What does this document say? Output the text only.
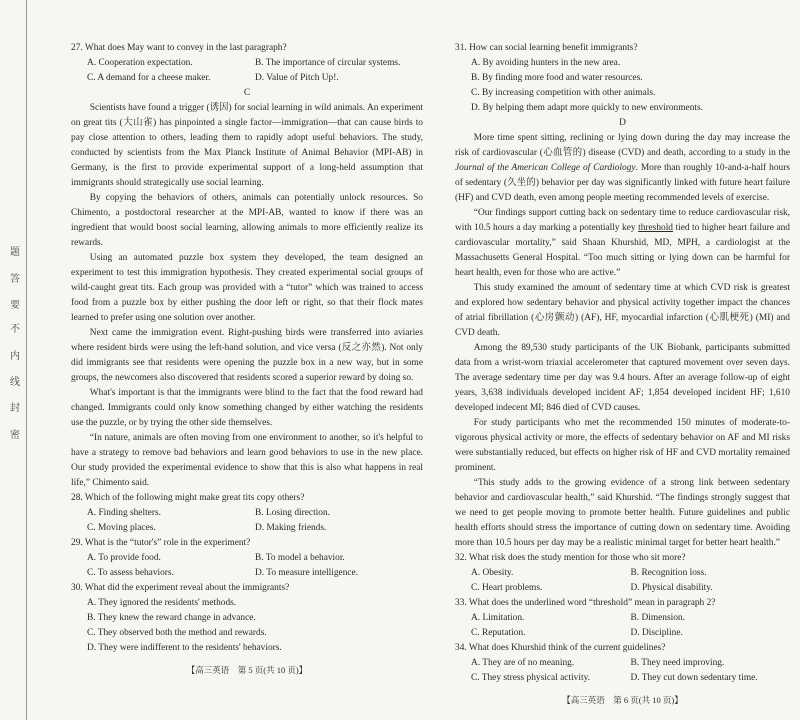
密
封
线
内
不
要
答
题
27. What does May want to convey in the last paragraph?
A. Cooperation expectation.	B. The importance of circular systems.
C. A demand for a cheese maker.	D. Value of Pitch Up!.
C

Scientists have found a trigger (诱因) for social learning in wild animals. An experiment on great tits (大山雀) has pinpointed a single factor—immigration—that can cause birds to pay close attention to others, leading them to rapidly adopt useful behaviors. The study, conducted by scientists from the Max Planck Institute of Animal Behavior (MPI-AB) in Germany, is the first to provide experimental support of a long-held assumption that immigrants should strategically use social learning.

By copying the behaviors of others, animals can potentially unlock resources. So Chimento, a postdoctoral researcher at the MPI-AB, wanted to know if there was an ingredient that would boost social learning, allowing animals to more efficiently realize its rewards.

Using an automated puzzle box system they developed, the team designed an experiment to test this immigration hypothesis. They created experimental social groups of wild-caught great tits. Each group was provided with a “tutor” which was trained to access food from a puzzle box by either pushing the door left or right, so that their flock mates learned to prefer using one solution over another.

Next came the immigration event. Right-pushing birds were transferred into aviaries where resident birds were using the left-hand solution, and vice versa (反之亦然). Not only did immigrants see that residents were opening the puzzle box in a new way, but in some groups, the newcomers also discovered that residents scored a superior reward by doing so.

What's important is that the immigrants were blind to the fact that the food reward had changed. Immigrants could only know something changed by either watching the residents use the puzzle, or by trying the other side themselves.

“In nature, animals are often moving from one environment to another, so it's helpful to have a strategy to remove bad behaviors and learn good behaviors to use in the new place. Our study provided the experimental evidence to show that this is also what happens in real life,” Chimento said.

28. Which of the following might make great tits copy others?
A. Finding shelters.	B. Losing direction.
C. Moving places.	D. Making friends.
29. What is the “tutor's” role in the experiment?
A. To provide food.	B. To model a behavior.
C. To assess behaviors.	D. To measure intelligence.
30. What did the experiment reveal about the immigrants?
A. They ignored the residents' methods.
B. They knew the reward change in advance.
C. They observed both the method and rewards.
D. They were indifferent to the residents' behaviors.
【高三英语　第 5 页(共 10 页)】
31. How can social learning benefit immigrants?
A. By avoiding hunters in the new area.
B. By finding more food and water resources.
C. By increasing competition with other animals.
D. By helping them adapt more quickly to new environments.
D

More time spent sitting, reclining or lying down during the day may increase the risk of cardiovascular (心血管的) disease (CVD) and death, according to a study in the Journal of the American College of Cardiology. More than roughly 10-and-a-half hours of sedentary (久坐的) behavior per day was significantly linked with future heart failure (HF) and CVD death, even among people meeting recommended levels of exercise.

“Our findings support cutting back on sedentary time to reduce cardiovascular risk, with 10.5 hours a day marking a potentially key threshold tied to higher heart failure and cardiovascular mortality,” said Shaan Khurshid, MD, MPH, a cardiologist at the Massachusetts General Hospital. “Too much sitting or lying down can be harmful for heart health, even for those who are active.”

This study examined the amount of sedentary time at which CVD risk is greatest and explored how sedentary behavior and physical activity together impact the chances of atrial fibrillation (心房颤动) (AF), HF, myocardial infarction (心肌梗死) (MI) and CVD death.

Among the 89,530 study participants of the UK Biobank, participants submitted data from a wrist-worn triaxial accelerometer that captured movement over seven days. The average sedentary time per day was 9.4 hours. After an average follow-up of eight years, 3,638 individuals developed incident AF; 1,854 developed incident HF; 1,610 developed indecent MI; 846 died of CVD causes.

For study participants who met the recommended 150 minutes of moderate-to-vigorous physical activity or more, the effects of sedentary behavior on AF and MI risks were substantially reduced, but effects on higher risk of HF and CVD mortality remained prominent.

“This study adds to the growing evidence of a strong link between sedentary behavior and cardiovascular health,” said Khurshid. “The findings strongly suggest that we need to get people moving to promote better health. Future guidelines and public health efforts should stress the importance of cutting down on sedentary time. Avoiding more than 10.5 hours per day may be a realistic minimal target for better heart health.”

32. What risk does the study mention for those who sit more?
A. Obesity.	B. Recognition loss.
C. Heart problems.	D. Physical disability.
33. What does the underlined word “threshold” mean in paragraph 2?
A. Limitation.	B. Dimension.
C. Reputation.	D. Discipline.
34. What does Khurshid think of the current guidelines?
A. They are of no meaning.	B. They need improving.
C. They stress physical activity.	D. They cut down sedentary time.
【高三英语　第 6 页(共 10 页)】
